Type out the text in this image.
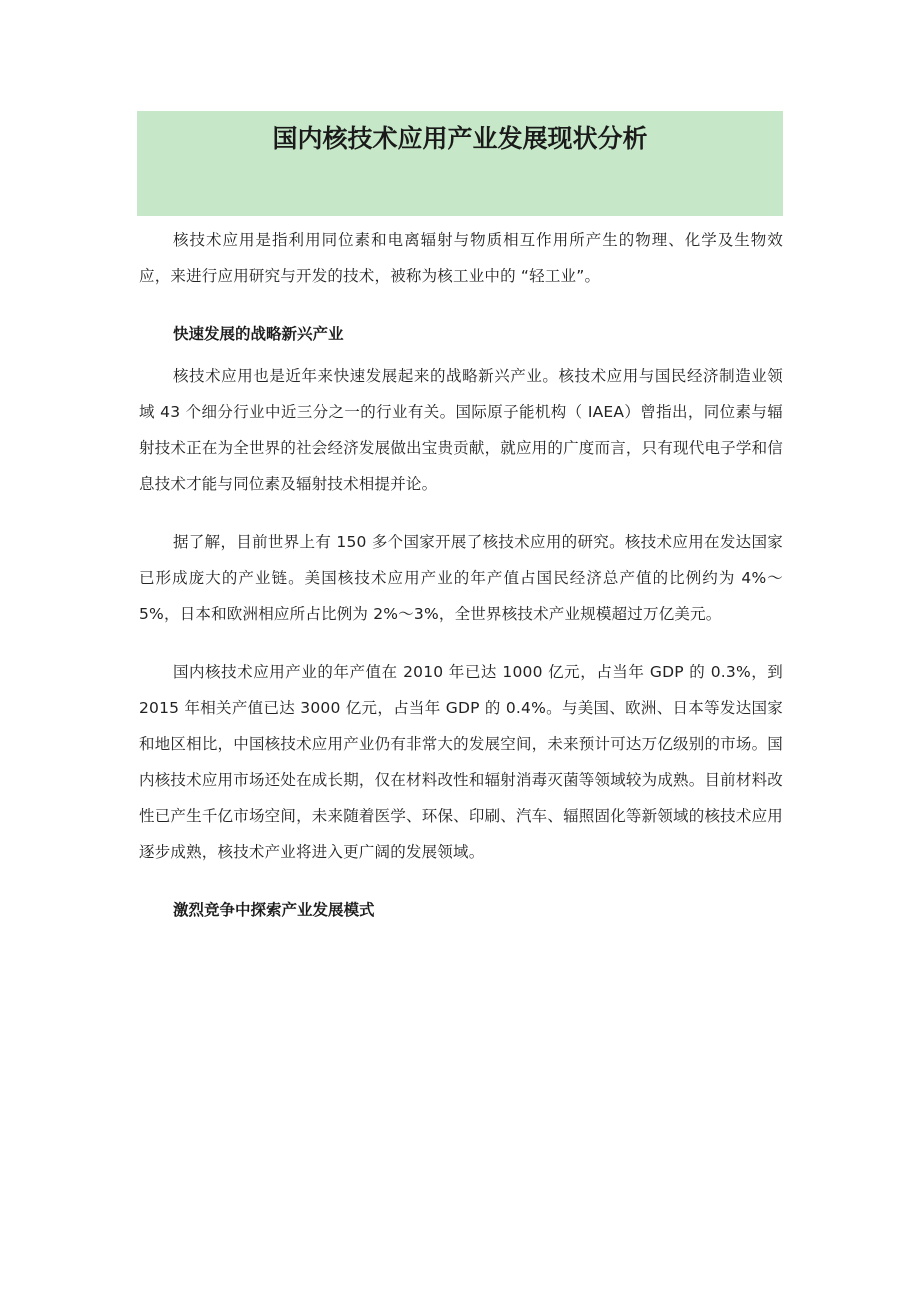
国内核技术应用产业发展现状分析

核技术应用是指利用同位素和电离辐射与物质相互作用所产生的物理、化学及生物效应，来进行应用研究与开发的技术，被称为核工业中的 “轻工业”。

快速发展的战略新兴产业

核技术应用也是近年来快速发展起来的战略新兴产业。核技术应用与国民经济制造业领域 43 个细分行业中近三分之一的行业有关。国际原子能机构（ IAEA）曾指出，同位素与辐射技术正在为全世界的社会经济发展做出宝贵贡献，就应用的广度而言，只有现代电子学和信息技术才能与同位素及辐射技术相提并论。

据了解，目前世界上有 150 多个国家开展了核技术应用的研究。核技术应用在发达国家已形成庞大的产业链。美国核技术应用产业的年产值占国民经济总产值的比例约为 4%～5%，日本和欧洲相应所占比例为 2%～3%，全世界核技术产业规模超过万亿美元。

国内核技术应用产业的年产值在 2010 年已达 1000 亿元，占当年 GDP 的 0.3%，到 2015 年相关产值已达 3000 亿元，占当年 GDP 的 0.4%。与美国、欧洲、日本等发达国家和地区相比，中国核技术应用产业仍有非常大的发展空间，未来预计可达万亿级别的市场。国内核技术应用市场还处在成长期，仅在材料改性和辐射消毒灭菌等领域较为成熟。目前材料改性已产生千亿市场空间，未来随着医学、环保、印刷、汽车、辐照固化等新领域的核技术应用逐步成熟，核技术产业将进入更广阔的发展领域。

激烈竞争中探索产业发展模式
